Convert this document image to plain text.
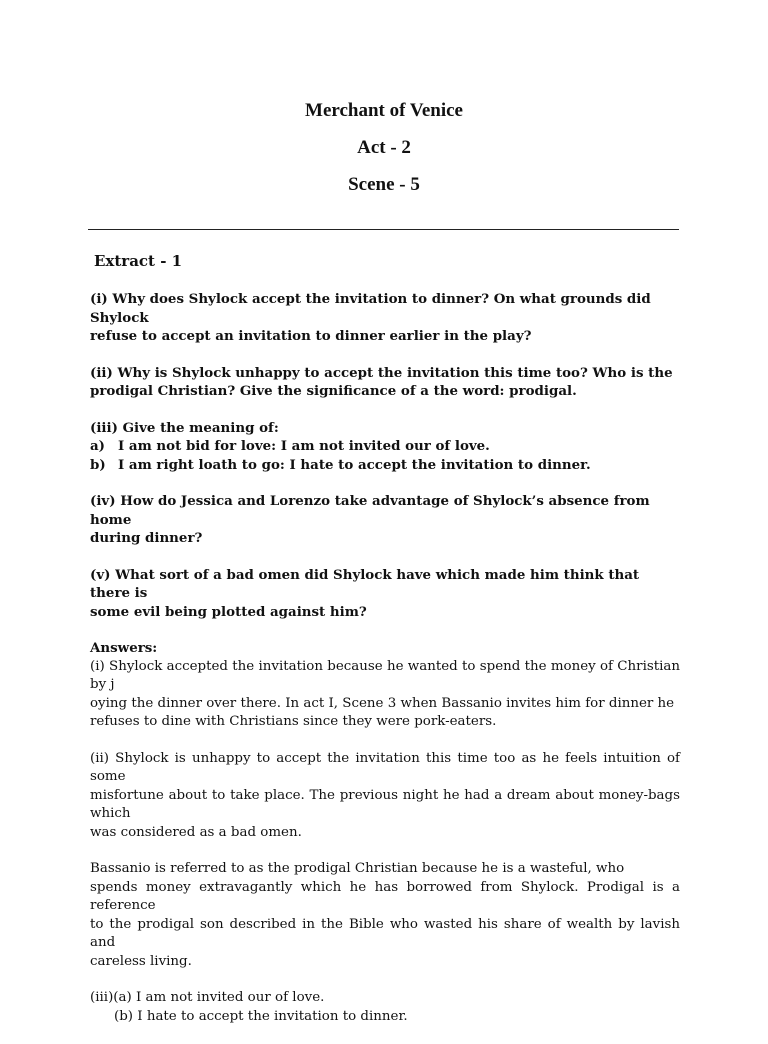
Merchant of Venice

Act - 2

Scene - 5

Extract - 1

(i) Why does Shylock accept the invitation to dinner? On what grounds did Shylock

refuse to accept an invitation to dinner earlier in the play?

(ii) Why is Shylock unhappy to accept the invitation this time too? Who is the

prodigal Christian? Give the significance of a the word: prodigal.

(iii) Give the meaning of:

a) I am not bid for love: I am not invited our of love.
b) I am right loath to go: I hate to accept the invitation to dinner.

(iv) How do Jessica and Lorenzo take advantage of Shylock’s absence from home

during dinner?

(v) What sort of a bad omen did Shylock have which made him think that there is

some evil being plotted against him?

Answers:

(i) Shylock accepted the invitation because he wanted to spend the money of Christian by j

oying the dinner over there. In act I, Scene 3 when Bassanio invites him for dinner he

refuses to dine with Christians since they were pork-eaters.

(ii) Shylock is unhappy to accept the invitation this time too as he feels intuition of some

misfortune about to take place. The previous night he had a dream about money-bags which

was considered as a bad omen.

Bassanio is referred to as the prodigal Christian because he is a wasteful, who

spends money extravagantly which he has borrowed from Shylock. Prodigal is a reference

to the prodigal son described in the Bible who wasted his share of wealth by lavish and

careless living.

(iii)(a) I am not invited our of love.

(b) I hate to accept the invitation to dinner.
